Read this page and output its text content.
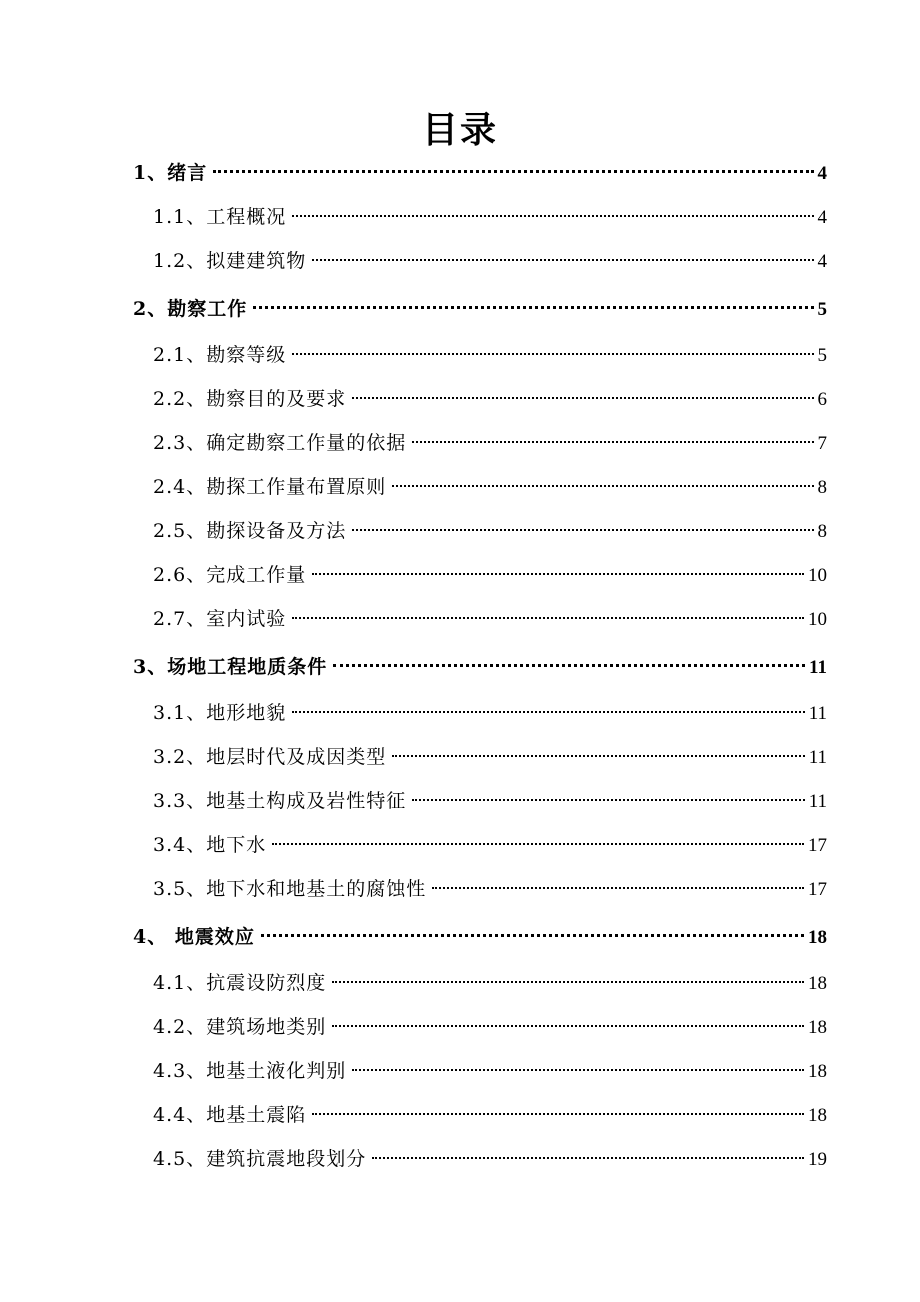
目录
1、 绪言	4
1.1、 工程概况	4
1.2、 拟建建筑物	4
2、 勘察工作	5
2.1、 勘察等级	5
2.2、 勘察目的及要求	6
2.3、 确定勘察工作量的依据	7
2.4、 勘探工作量布置原则	8
2.5、 勘探设备及方法	8
2.6、 完成工作量	10
2.7、 室内试验	10
3、 场地工程地质条件	11
3.1、 地形地貌	11
3.2、 地层时代及成因类型	11
3.3、 地基土构成及岩性特征	11
3.4、 地下水	17
3.5、 地下水和地基土的腐蚀性	17
4、 地震效应	18
4.1、 抗震设防烈度	18
4.2、 建筑场地类别	18
4.3、 地基土液化判别	18
4.4、 地基土震陷	18
4.5、 建筑抗震地段划分	19
